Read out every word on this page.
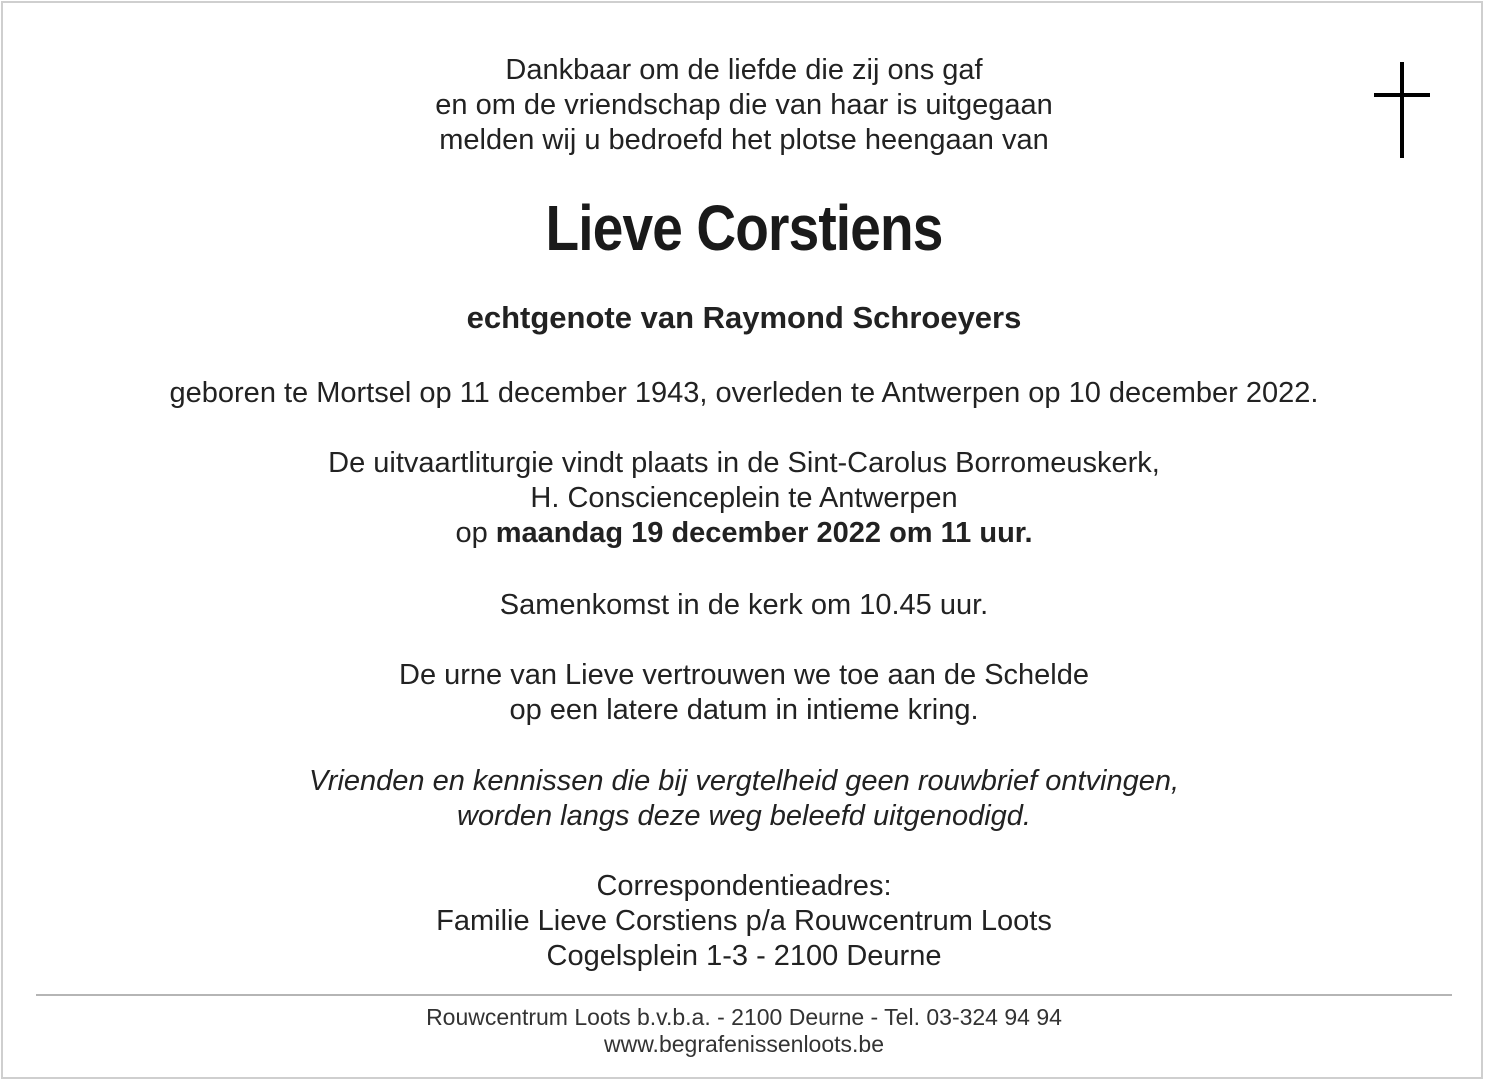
Dankbaar om de liefde die zij ons gaf
en om de vriendschap die van haar is uitgegaan
melden wij u bedroefd het plotse heengaan van
Lieve Corstiens
echtgenote van Raymond Schroeyers
geboren te Mortsel op 11 december 1943, overleden te Antwerpen op 10 december 2022.
De uitvaartliturgie vindt plaats in de Sint-Carolus Borromeuskerk,
H. Consciencеplein te Antwerpen
op maandag 19 december 2022 om 11 uur.
Samenkomst in de kerk om 10.45 uur.
De urne van Lieve vertrouwen we toe aan de Schelde
op een latere datum in intieme kring.
Vrienden en kennissen die bij vergtelheid geen rouwbrief ontvingen,
worden langs deze weg beleefd uitgenodigd.
Correspondentieadres:
Familie Lieve Corstiens p/a Rouwcentrum Loots
Cogelsplein 1-3 - 2100 Deurne
Rouwcentrum Loots b.v.b.a. - 2100 Deurne - Tel. 03-324 94 94
www.begrafenissenloots.be
